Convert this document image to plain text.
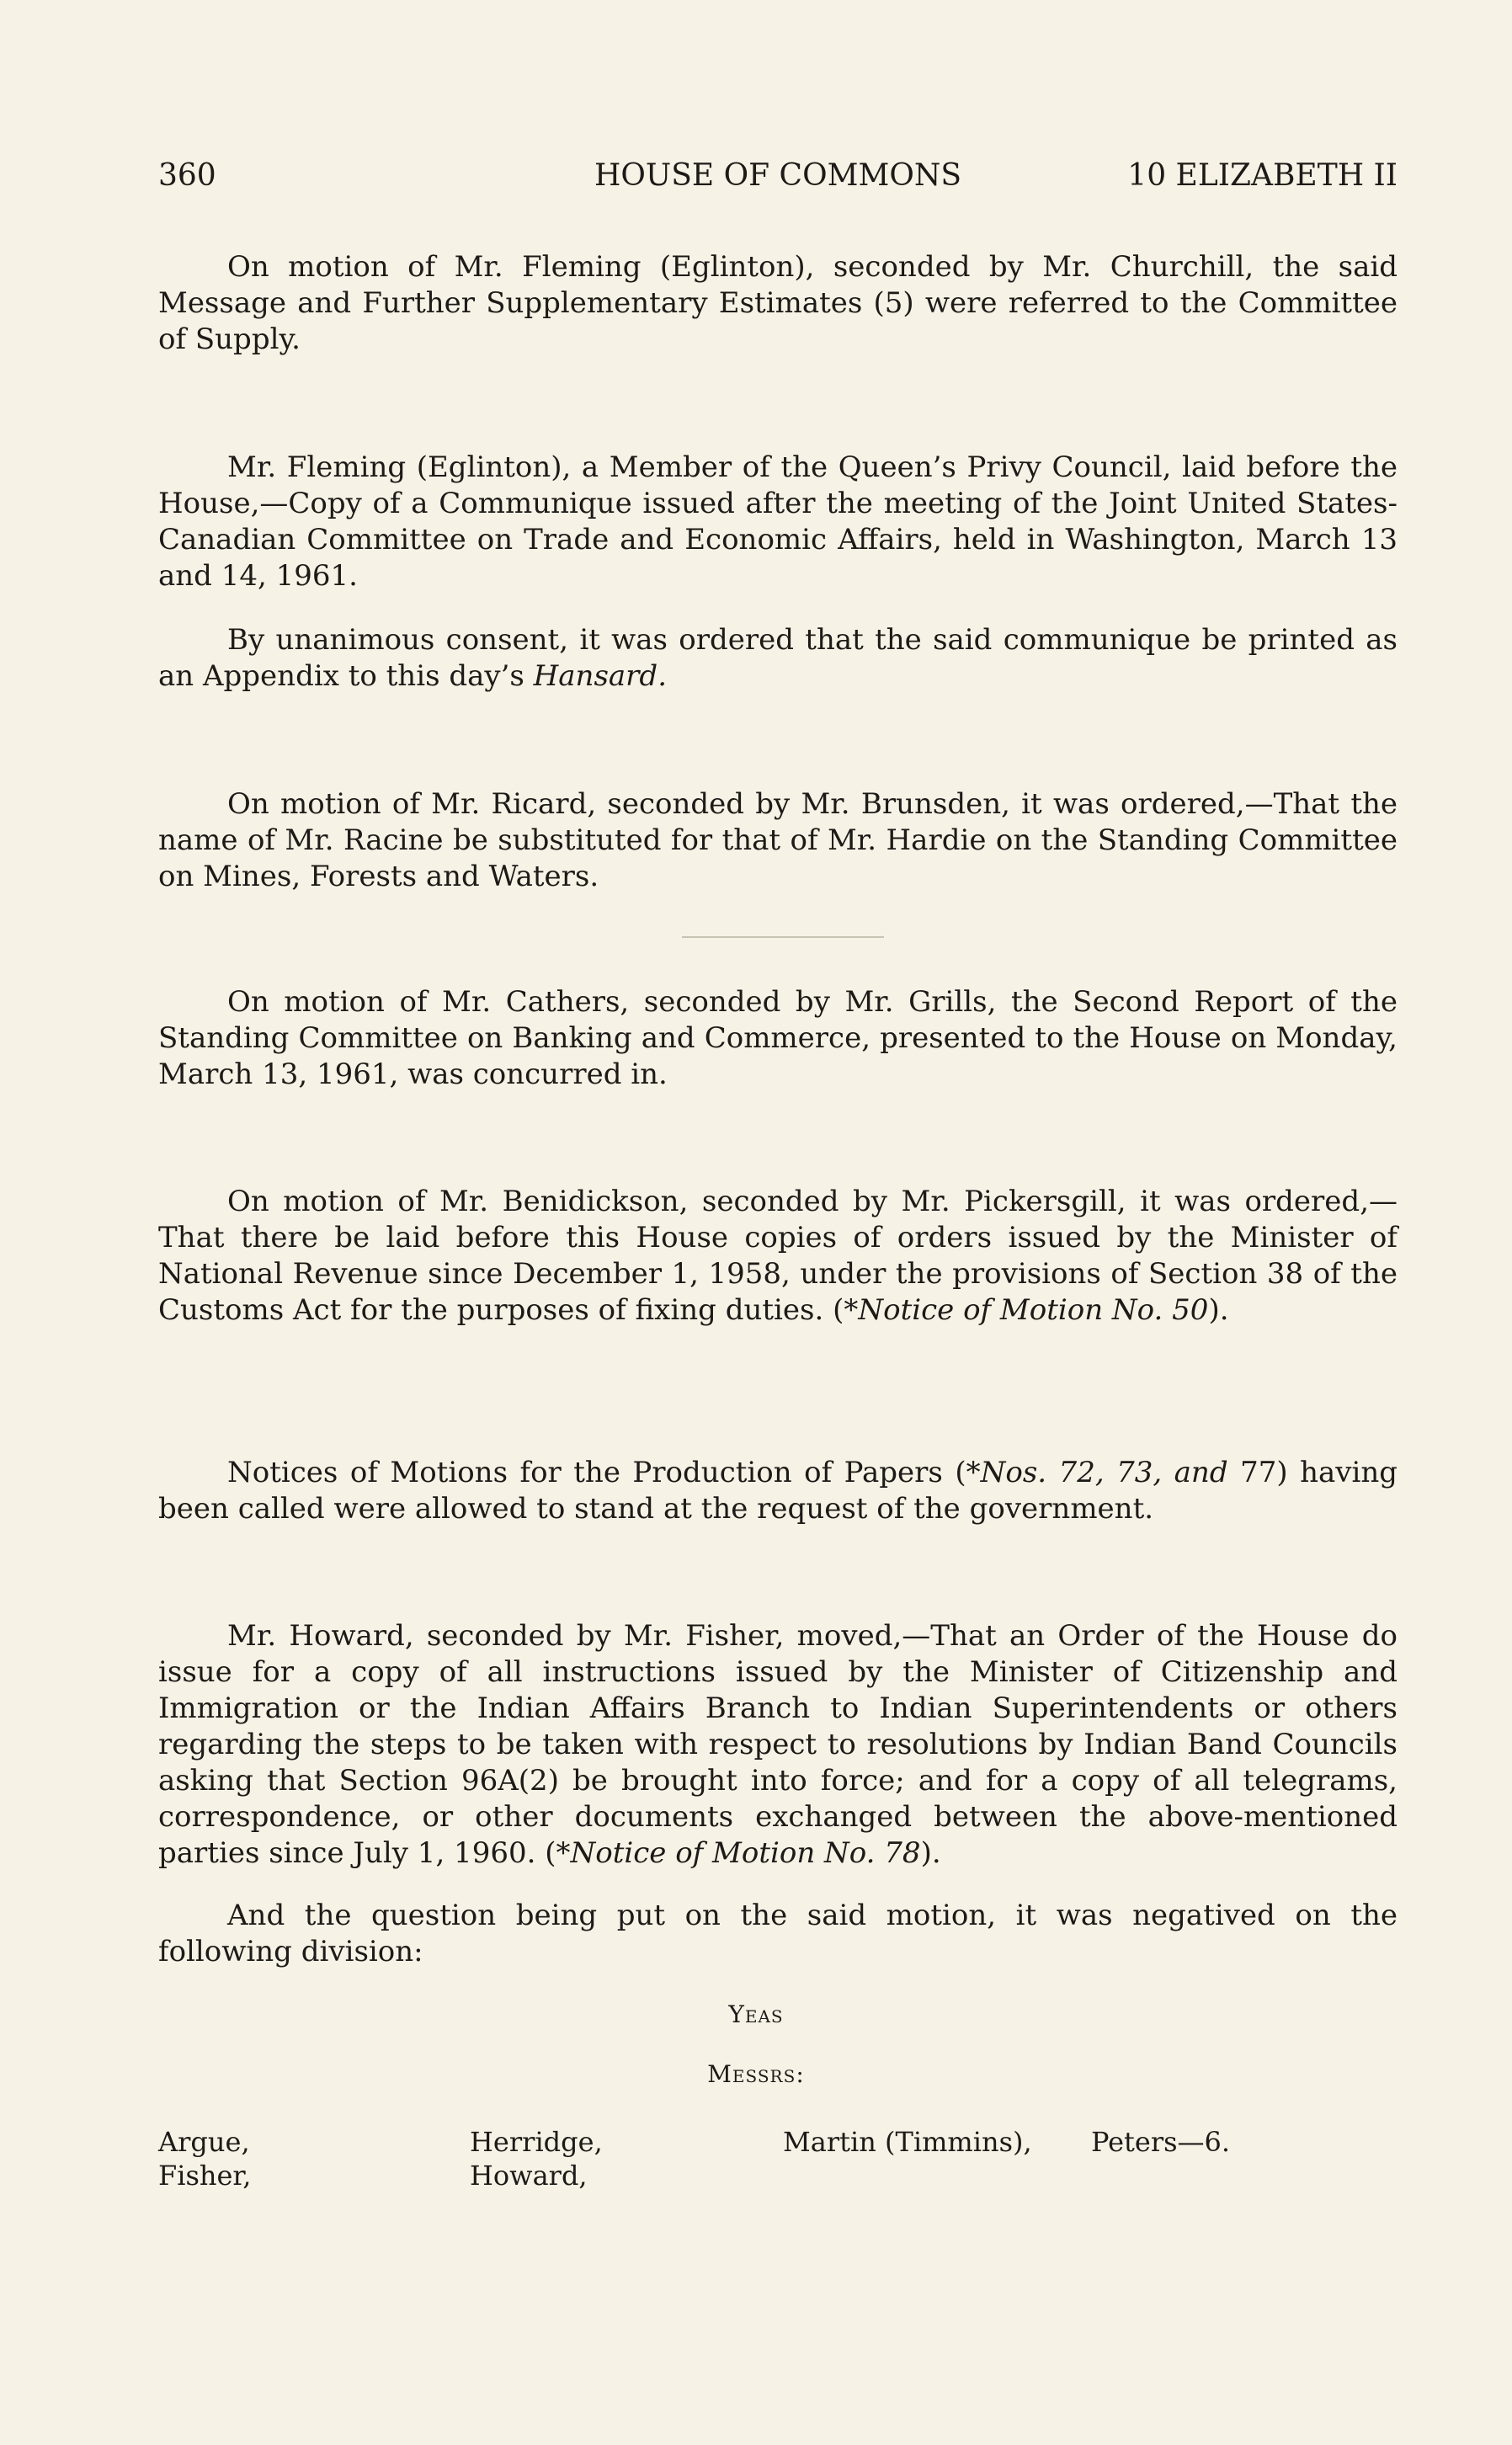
360	HOUSE OF COMMONS	10 ELIZABETH II

On motion of Mr. Fleming (Eglinton), seconded by Mr. Churchill, the said Message and Further Supplementary Estimates (5) were referred to the Committee of Supply.

Mr. Fleming (Eglinton), a Member of the Queen’s Privy Council, laid before the House,—Copy of a Communique issued after the meeting of the Joint United States-Canadian Committee on Trade and Economic Affairs, held in Washington, March 13 and 14, 1961.

By unanimous consent, it was ordered that the said communique be printed as an Appendix to this day’s Hansard.

On motion of Mr. Ricard, seconded by Mr. Brunsden, it was ordered,—That the name of Mr. Racine be substituted for that of Mr. Hardie on the Standing Committee on Mines, Forests and Waters.

On motion of Mr. Cathers, seconded by Mr. Grills, the Second Report of the Standing Committee on Banking and Commerce, presented to the House on Monday, March 13, 1961, was concurred in.

On motion of Mr. Benidickson, seconded by Mr. Pickersgill, it was ordered,—That there be laid before this House copies of orders issued by the Minister of National Revenue since December 1, 1958, under the provisions of Section 38 of the Customs Act for the purposes of fixing duties. (*Notice of Motion No. 50).

Notices of Motions for the Production of Papers (*Nos. 72, 73, and 77) having been called were allowed to stand at the request of the government.

Mr. Howard, seconded by Mr. Fisher, moved,—That an Order of the House do issue for a copy of all instructions issued by the Minister of Citizenship and Immigration or the Indian Affairs Branch to Indian Superintendents or others regarding the steps to be taken with respect to resolutions by Indian Band Councils asking that Section 96A(2) be brought into force; and for a copy of all telegrams, correspondence, or other documents exchanged between the above-mentioned parties since July 1, 1960. (*Notice of Motion No. 78).

And the question being put on the said motion, it was negatived on the following division:

Yeas
Messrs:
Argue,
Fisher,
Herridge,
Howard,
Martin (Timmins), Peters—6.
